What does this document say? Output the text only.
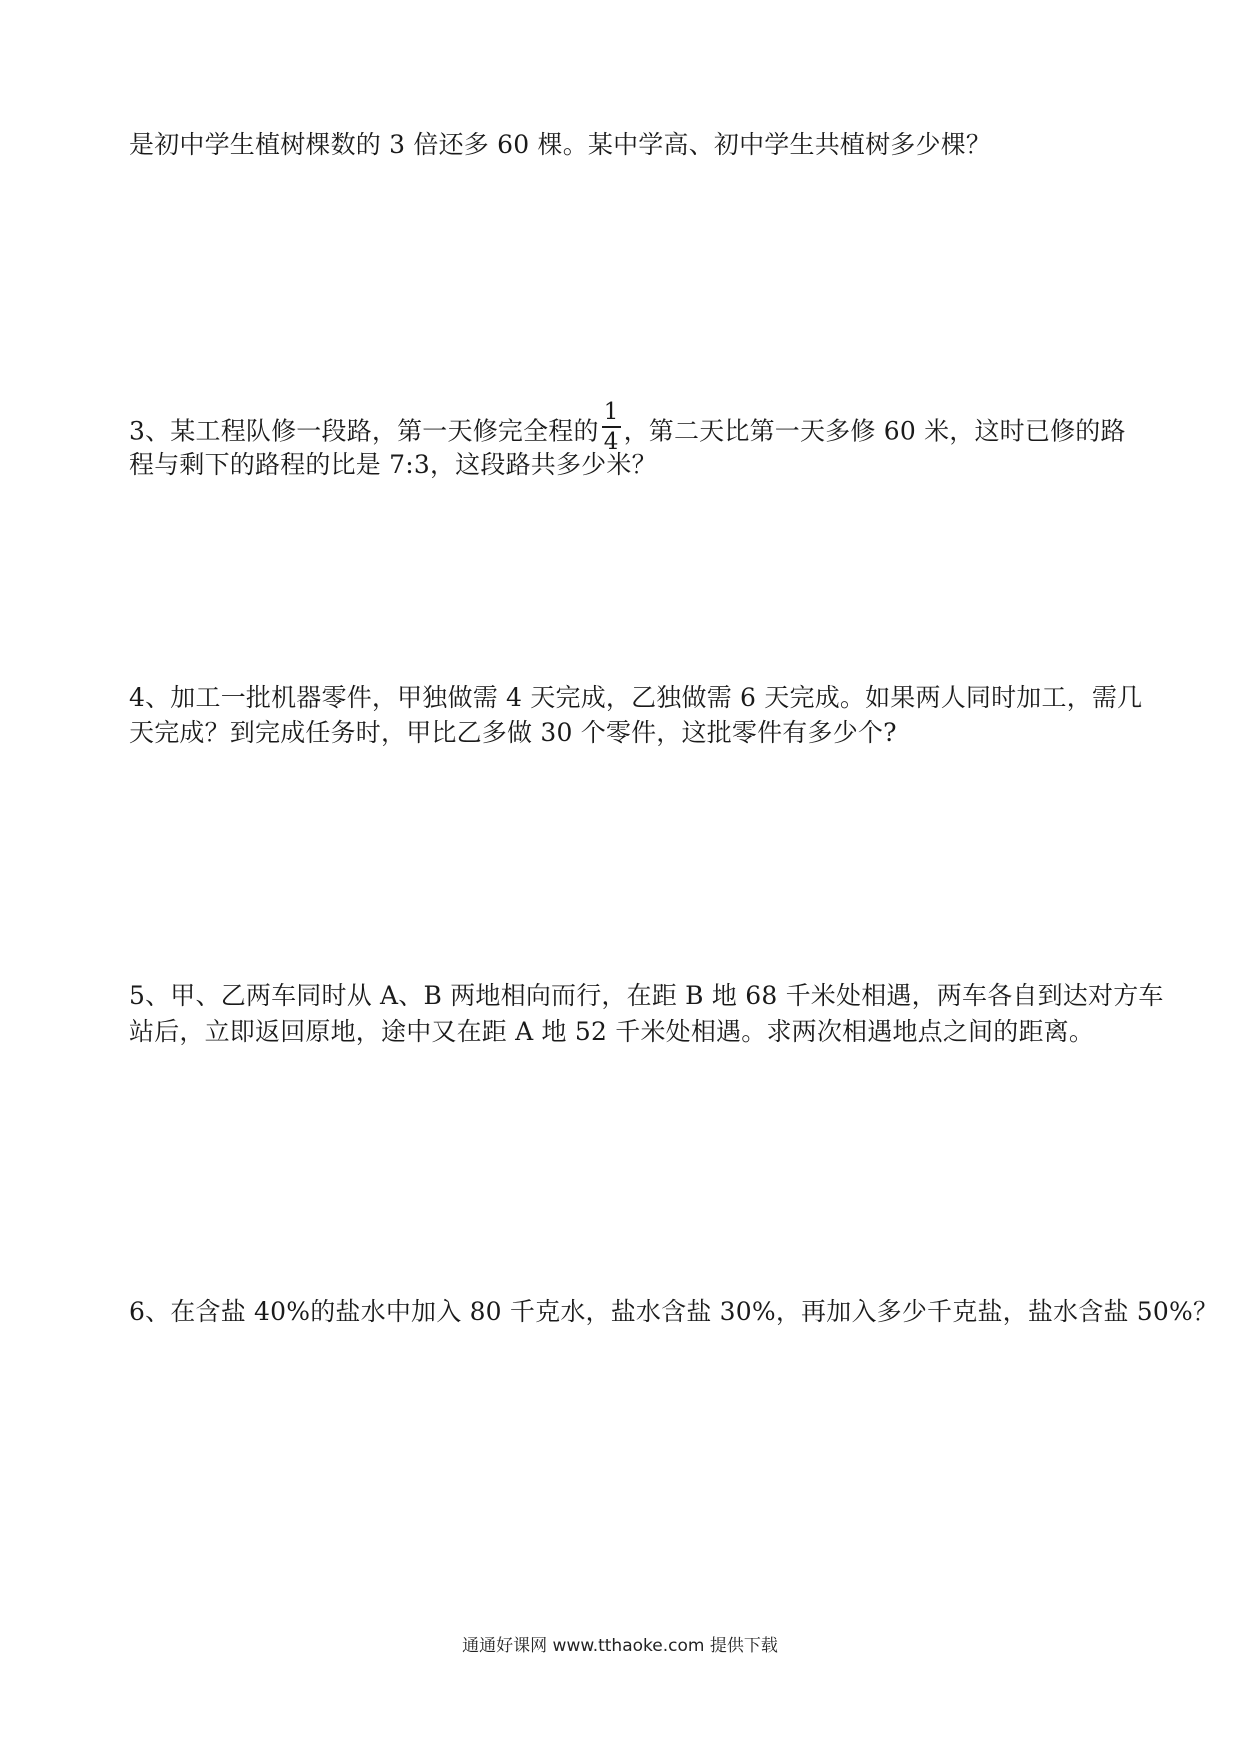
是初中学生植树棵数的 3 倍还多 60 棵。某中学高、初中学生共植树多少棵？
3、某工程队修一段路，第一天修完全程的 $\frac{1}{4}$ ，第二天比第一天多修 60 米，这时已修的路
程与剩下的路程的比是 7:3，这段路共多少米？
4、加工一批机器零件，甲独做需 4 天完成，乙独做需 6 天完成。如果两人同时加工，需几
天完成？到完成任务时，甲比乙多做 30 个零件，这批零件有多少个?
5、甲、乙两车同时从 A、B 两地相向而行，在距 B 地 68 千米处相遇，两车各自到达对方车
站后，立即返回原地，途中又在距 A 地 52 千米处相遇。求两次相遇地点之间的距离。
6、在含盐 40%的盐水中加入 80 千克水，盐水含盐 30%，再加入多少千克盐，盐水含盐 50%？
通通好课网 www.tthaoke.com 提供下载
